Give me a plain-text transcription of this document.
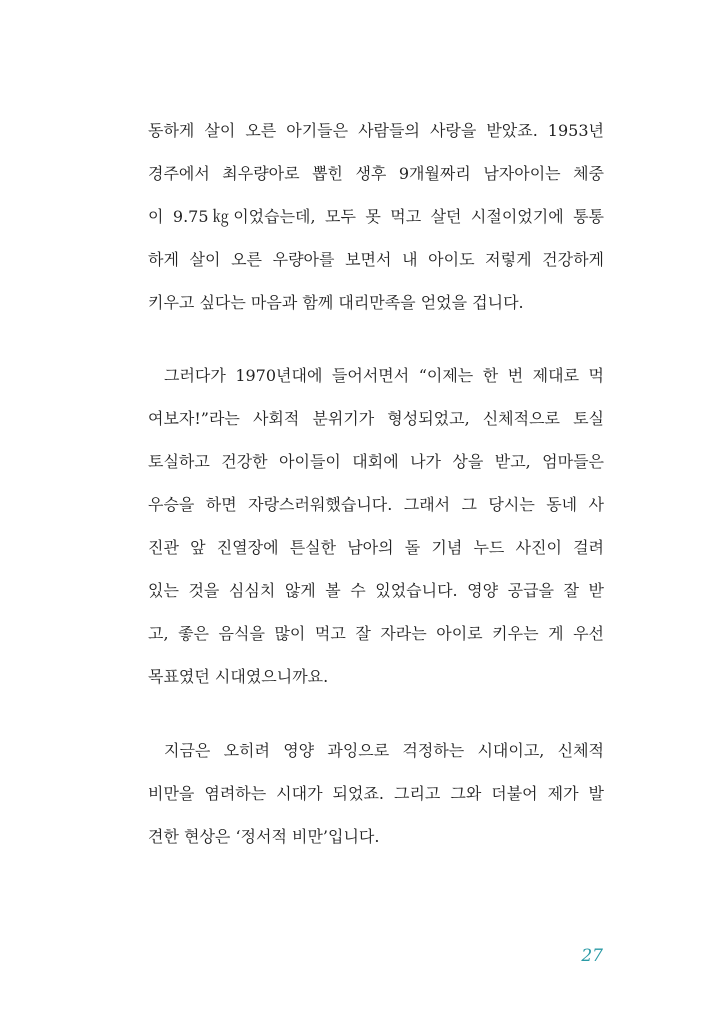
동하게 살이 오른 아기들은 사람들의 사랑을 받았죠. 1953년
경주에서 최우량아로 뽑힌 생후 9개월짜리 남자아이는 체중
이 9.75㎏이었습는데, 모두 못 먹고 살던 시절이었기에 통통
하게 살이 오른 우량아를 보면서 내 아이도 저렇게 건강하게
키우고 싶다는 마음과 함께 대리만족을 얻었을 겁니다.
그러다가 1970년대에 들어서면서 “이제는 한 번 제대로 먹
여보자!”라는 사회적 분위기가 형성되었고, 신체적으로 토실
토실하고 건강한 아이들이 대회에 나가 상을 받고, 엄마들은
우승을 하면 자랑스러워했습니다. 그래서 그 당시는 동네 사
진관 앞 진열장에 튼실한 남아의 돌 기념 누드 사진이 걸려
있는 것을 심심치 않게 볼 수 있었습니다. 영양 공급을 잘 받
고, 좋은 음식을 많이 먹고 잘 자라는 아이로 키우는 게 우선
목표였던 시대였으니까요.
지금은 오히려 영양 과잉으로 걱정하는 시대이고, 신체적
비만을 염려하는 시대가 되었죠. 그리고 그와 더불어 제가 발
견한 현상은 ‘정서적 비만’입니다.
27
